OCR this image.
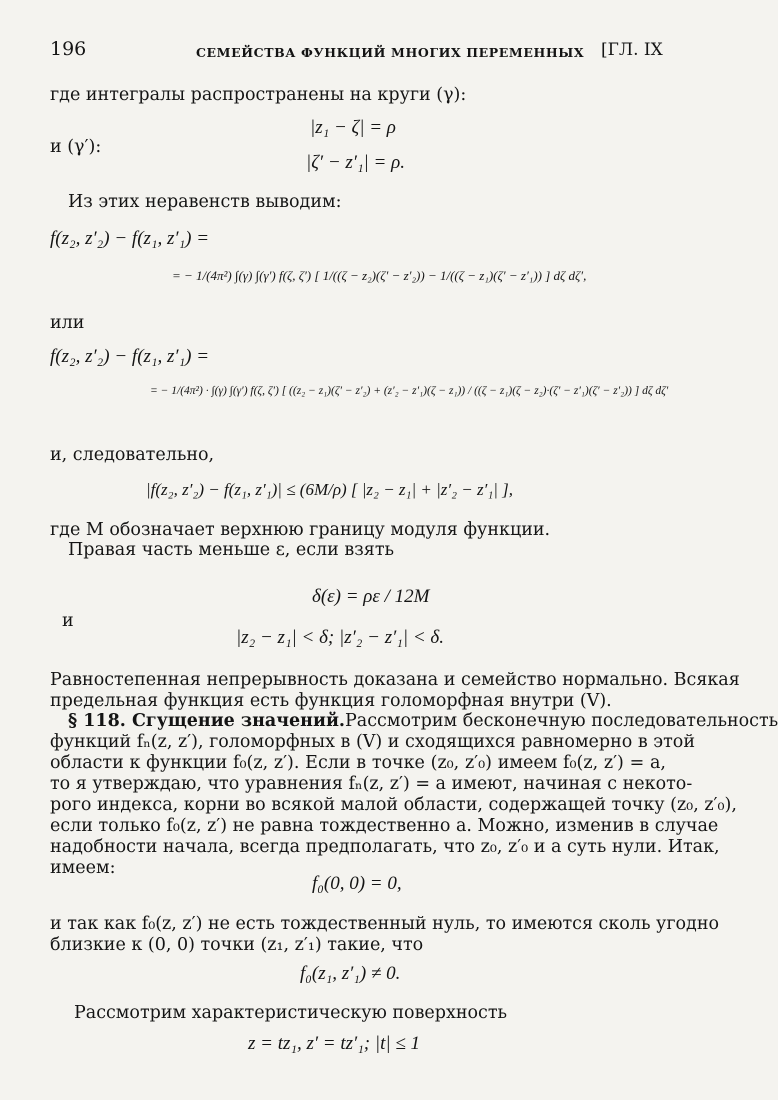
196	СЕМЕЙСТВА ФУНКЦИЙ МНОГИХ ПЕРЕМЕННЫХ [ГЛ. IX
где интегралы распространены на круги (γ):
|z₁ − ζ| = ρ
и (γ′):
|ζ′ − z′₁| = ρ.
Из этих неравенств выводим:
f(z₂, z′₂) − f(z₁, z′₁) =
= − 1/(4π²) ∫(γ) ∫(γ′) f(ζ, ζ′) [ 1/((ζ − z₂)(ζ′ − z′₂)) − 1/((ζ − z₁)(ζ′ − z′₁)) ] dζ dζ′,
или
f(z₂, z′₂) − f(z₁, z′₁) =
= − 1/(4π²) · ∫(γ) ∫(γ′) f(ζ, ζ′) [ ((z₂ − z₁)(ζ′ − z′₂) + (z′₂ − z′₁)(ζ − z₁)) / ((ζ − z₁)(ζ − z₂)·(ζ′ − z′₁)(ζ′ − z′₂)) ] dζ dζ′
и, следовательно,
|f(z₂, z′₂) − f(z₁, z′₁)| ≤ (6M/ρ) [ |z₂ − z₁| + |z′₂ − z′₁| ],
где M обозначает верхнюю границу модуля функции.
Правая часть меньше ε, если взять
δ(ε) = ρε / 12M
и
|z₂ − z₁| < δ; |z′₂ − z′₁| < δ.
Равностепенная непрерывность доказана и семейство нормально. Всякая
предельная функция есть функция голоморфная внутри (V).
§ 118. Сгущение значений. Рассмотрим бесконечную последовательность
функций fₙ(z, z′), голоморфных в (V) и сходящихся равномерно в этой
области к функции f₀(z, z′). Если в точке (z₀, z′₀) имеем f₀(z, z′) = a,
то я утверждаю, что уравнения fₙ(z, z′) = a имеют, начиная с некото-
рого индекса, корни во всякой малой области, содержащей точку (z₀, z′₀),
если только f₀(z, z′) не равна тождественно a. Можно, изменив в случае
надобности начала, всегда предполагать, что z₀, z′₀ и a суть нули. Итак,
имеем:
f₀(0, 0) = 0,
и так как f₀(z, z′) не есть тождественный нуль, то имеются сколь угодно
близкие к (0, 0) точки (z₁, z′₁) такие, что
f₀(z₁, z′₁) ≠ 0.
Рассмотрим характеристическую поверхность
z = tz₁, z′ = tz′₁; |t| ≤ 1
